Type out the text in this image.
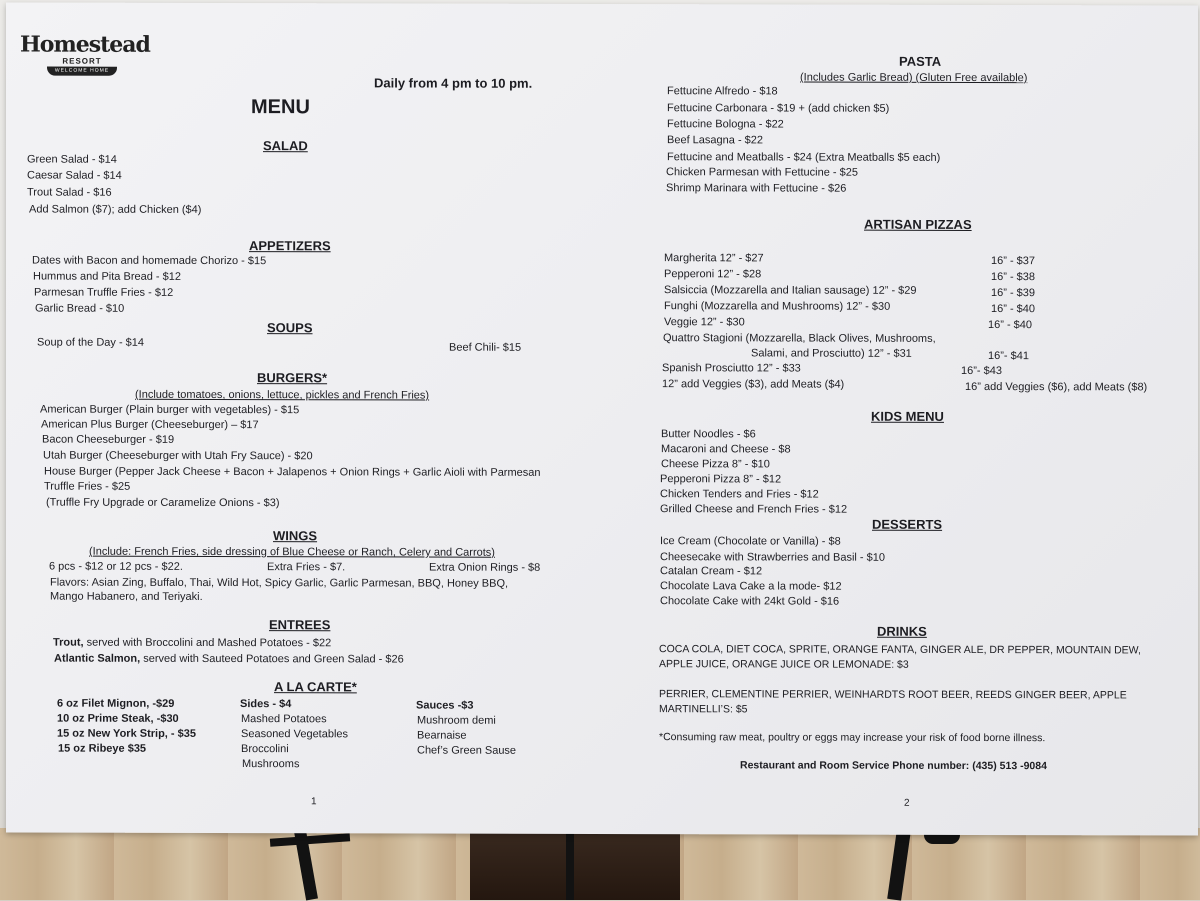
Homestead
RESORT
WELCOME HOME
Daily from 4 pm to 10 pm.
MENU
SALAD
Green Salad - $14
Caesar Salad - $14
Trout Salad - $16
Add Salmon ($7); add Chicken ($4)
APPETIZERS
Dates with Bacon and homemade Chorizo - $15
Hummus and Pita Bread - $12
Parmesan Truffle Fries - $12
Garlic Bread - $10
SOUPS
Soup of the Day - $14	Beef Chili- $15
BURGERS*
(Include tomatoes, onions, lettuce, pickles and French Fries)
American Burger (Plain burger with vegetables) - $15
American Plus Burger (Cheeseburger) – $17
Bacon Cheeseburger - $19
Utah Burger (Cheeseburger with Utah Fry Sauce) - $20
House Burger (Pepper Jack Cheese + Bacon + Jalapenos + Onion Rings + Garlic Aioli with Parmesan
Truffle Fries - $25
(Truffle Fry Upgrade or Caramelize Onions - $3)
WINGS
(Include: French Fries, side dressing of Blue Cheese or Ranch, Celery and Carrots)
6 pcs - $12 or 12 pcs - $22.	Extra Fries - $7.	Extra Onion Rings - $8
Flavors: Asian Zing, Buffalo, Thai, Wild Hot, Spicy Garlic, Garlic Parmesan, BBQ, Honey BBQ,
Mango Habanero, and Teriyaki.
ENTREES
Trout, served with Broccolini and Mashed Potatoes - $22
Atlantic Salmon, served with Sauteed Potatoes and Green Salad - $26
A LA CARTE*
6 oz Filet Mignon, -$29
10 oz Prime Steak, -$30
15 oz New York Strip, - $35
15 oz Ribeye $35
Sides - $4
Mashed Potatoes
Seasoned Vegetables
Broccolini
Mushrooms
Sauces -$3
Mushroom demi
Bearnaise
Chef’s Green Sause
1
PASTA
(Includes Garlic Bread) (Gluten Free available)
Fettucine Alfredo - $18
Fettucine Carbonara - $19 + (add chicken $5)
Fettucine Bologna - $22
Beef Lasagna - $22
Fettucine and Meatballs - $24 (Extra Meatballs $5 each)
Chicken Parmesan with Fettucine - $25
Shrimp Marinara with Fettucine - $26
ARTISAN PIZZAS
Margherita 12” - $27	16” - $37
Pepperoni 12” - $28	16” - $38
Salsiccia (Mozzarella and Italian sausage) 12” - $29	16” - $39
Funghi (Mozzarella and Mushrooms) 12” - $30	16” - $40
Veggie 12” - $30	16” - $40
Quattro Stagioni (Mozzarella, Black Olives, Mushrooms,
Salami, and Prosciutto) 12” - $31	16”- $41
Spanish Prosciutto 12” - $33	16”- $43
12” add Veggies ($3), add Meats ($4)	16” add Veggies ($6), add Meats ($8)
KIDS MENU
Butter Noodles - $6
Macaroni and Cheese - $8
Cheese Pizza 8” - $10
Pepperoni Pizza 8” - $12
Chicken Tenders and Fries - $12
Grilled Cheese and French Fries - $12
DESSERTS
Ice Cream (Chocolate or Vanilla) - $8
Cheesecake with Strawberries and Basil - $10
Catalan Cream - $12
Chocolate Lava Cake a la mode- $12
Chocolate Cake with 24kt Gold - $16
DRINKS
COCA COLA, DIET COCA, SPRITE, ORANGE FANTA, GINGER ALE, DR PEPPER, MOUNTAIN DEW,
APPLE JUICE, ORANGE JUICE OR LEMONADE: $3
PERRIER, CLEMENTINE PERRIER, WEINHARDTS ROOT BEER, REEDS GINGER BEER, APPLE
MARTINELLI’S: $5
*Consuming raw meat, poultry or eggs may increase your risk of food borne illness.
Restaurant and Room Service Phone number: (435) 513 -9084
2
